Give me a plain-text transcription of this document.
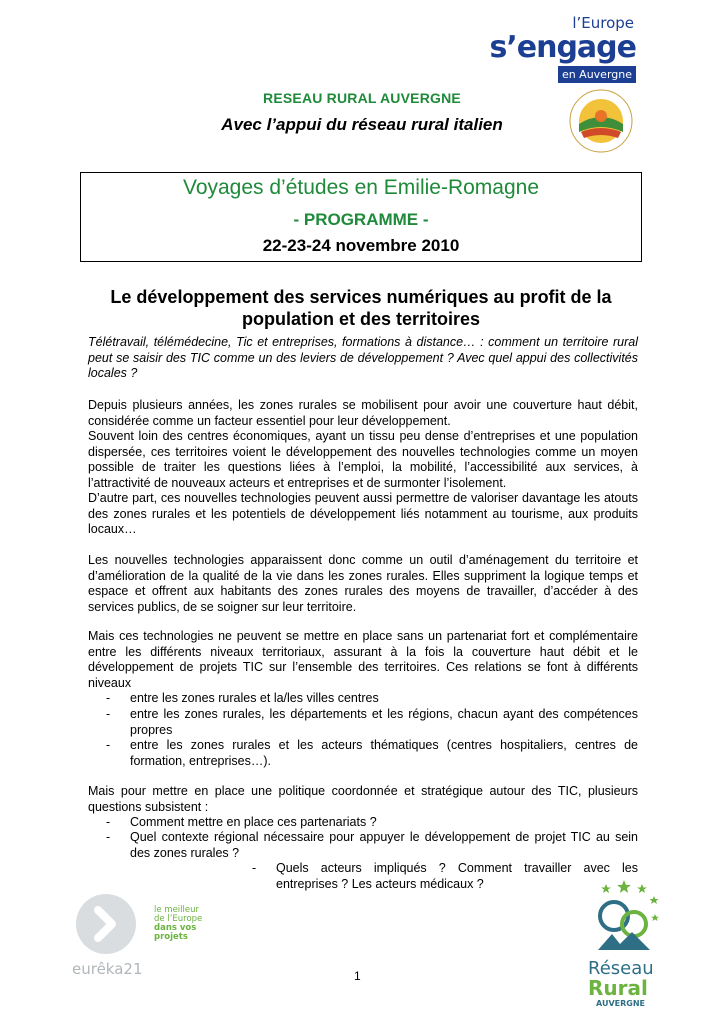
l’Europe
s’engage
en Auvergne
RESEAU RURAL AUVERGNE
Avec l’appui du réseau rural italien
Voyages d’études en Emilie-Romagne
- PROGRAMME -
22-23-24 novembre 2010
Le développement des services numériques au profit de la
population et des territoires

Télétravail, télémédecine, Tic et entreprises, formations à distance… : comment un territoire rural peut se saisir des TIC comme un des leviers de développement ? Avec quel appui des collectivités locales ?

Depuis plusieurs années, les zones rurales se mobilisent pour avoir une couverture haut débit, considérée comme un facteur essentiel pour leur développement.

Souvent loin des centres économiques, ayant un tissu peu dense d’entreprises et une population dispersée, ces territoires voient le développement des nouvelles technologies comme un moyen possible de traiter les questions liées à l’emploi, la mobilité, l’accessibilité aux services, à l’attractivité de nouveaux acteurs et entreprises et de surmonter l’isolement.

D’autre part, ces nouvelles technologies peuvent aussi permettre de valoriser davantage les atouts des zones rurales et les potentiels de développement liés notamment au tourisme, aux produits locaux…

Les nouvelles technologies apparaissent donc comme un outil d’aménagement du territoire et d’amélioration de la qualité de la vie dans les zones rurales. Elles suppriment la logique temps et espace et offrent aux habitants des zones rurales des moyens de travailler, d’accéder à des services publics, de se soigner sur leur territoire.

Mais ces technologies ne peuvent se mettre en place sans un partenariat fort et complémentaire entre les différents niveaux territoriaux, assurant à la fois la couverture haut débit et le développement de projets TIC sur l’ensemble des territoires. Ces relations se font à différents niveaux

- entre les zones rurales et la/les villes centres
- entre les zones rurales, les départements et les régions, chacun ayant des compétences propres
- entre les zones rurales et les acteurs thématiques (centres hospitaliers, centres de formation, entreprises…).

Mais pour mettre en place une politique coordonnée et stratégique autour des TIC, plusieurs questions subsistent :

- Comment mettre en place ces partenariats ?
- Quel contexte régional nécessaire pour appuyer le développement de projet TIC au sein des zones rurales ?
- Quels acteurs impliqués ? Comment travailler avec les entreprises ? Les acteurs médicaux ?
eurêka21
le meilleur
de l’Europe
dans vos
projets
1	Réseau
Rural
AUVERGNE
